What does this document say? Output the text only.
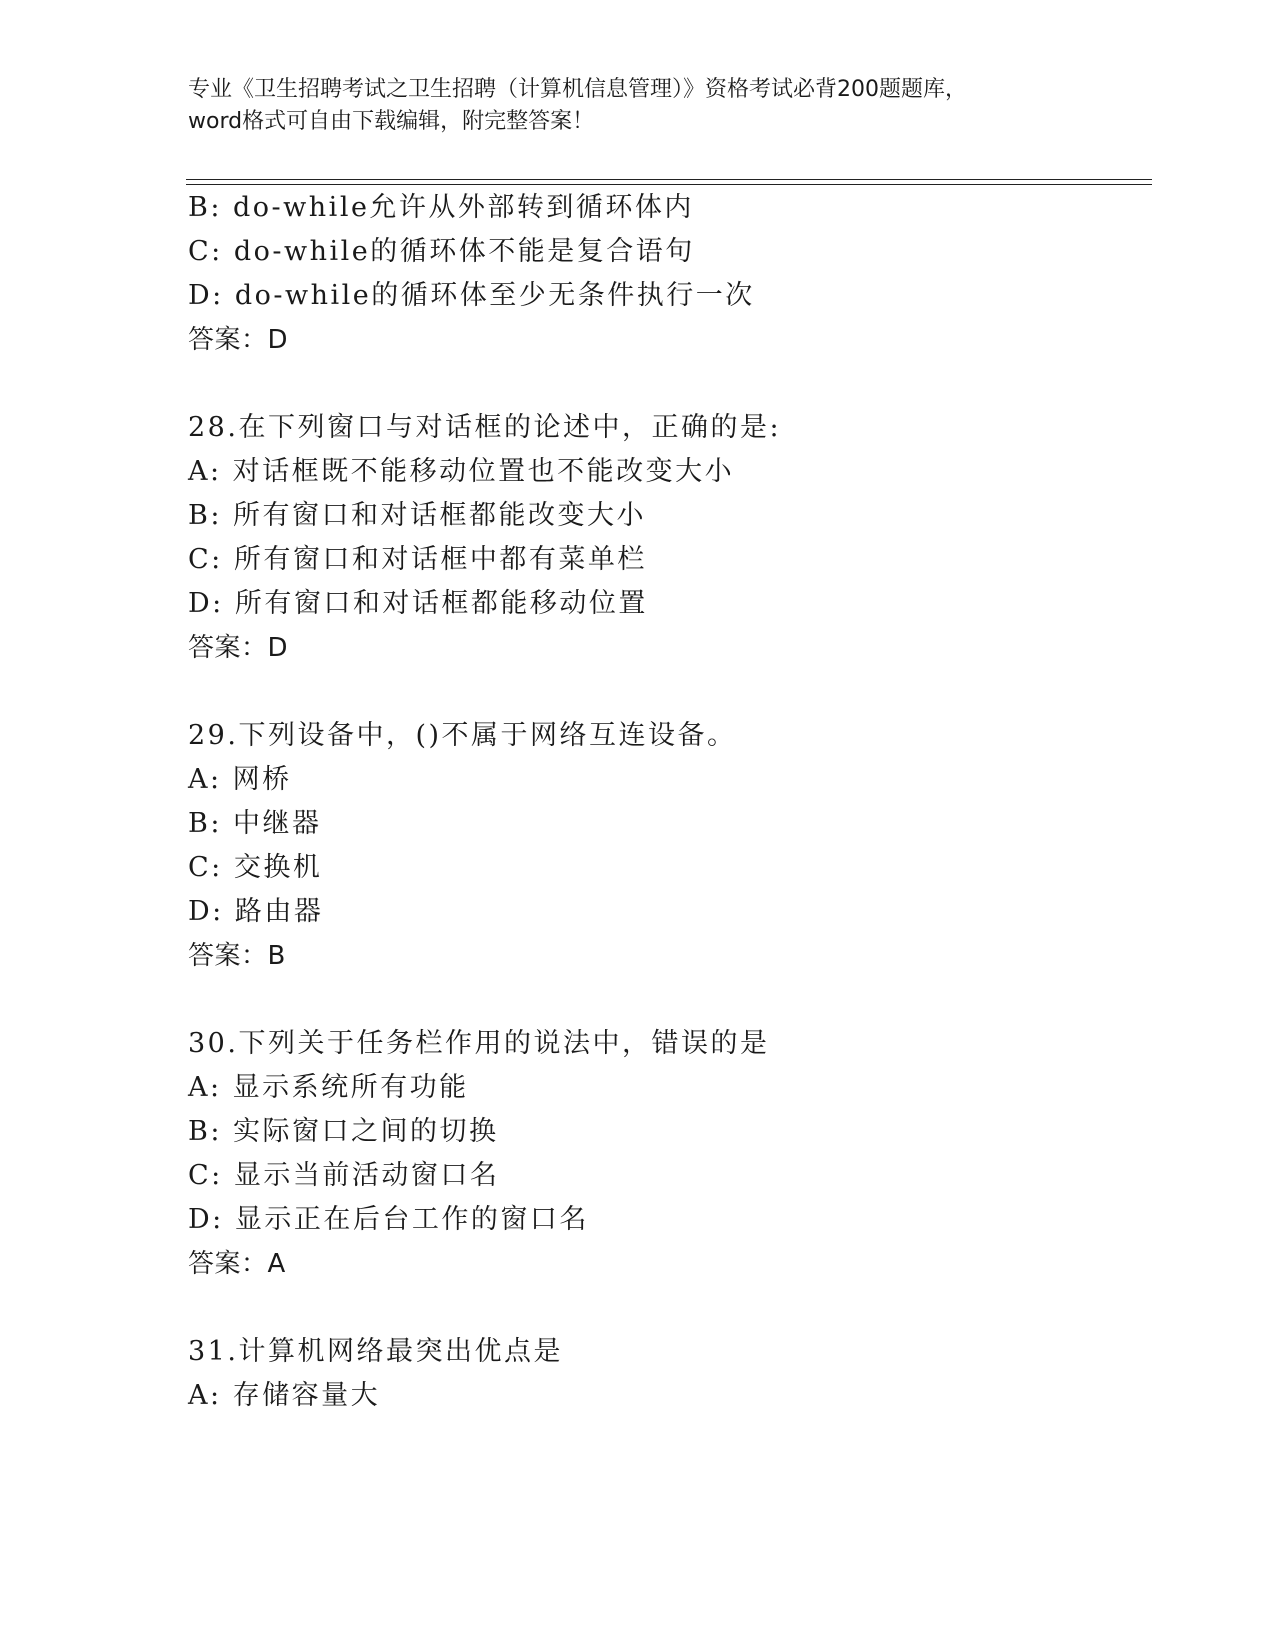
专业《卫生招聘考试之卫生招聘（计算机信息管理）》资格考试必背200题题库，
word格式可自由下载编辑，附完整答案！
B: do-while允许从外部转到循环体内
C: do-while的循环体不能是复合语句
D: do-while的循环体至少无条件执行一次
答案：D
28.在下列窗口与对话框的论述中，正确的是:
A: 对话框既不能移动位置也不能改变大小
B: 所有窗口和对话框都能改变大小
C: 所有窗口和对话框中都有菜单栏
D: 所有窗口和对话框都能移动位置
答案：D
29.下列设备中，()不属于网络互连设备。
A: 网桥
B: 中继器
C: 交换机
D: 路由器
答案：B
30.下列关于任务栏作用的说法中，错误的是
A: 显示系统所有功能
B: 实际窗口之间的切换
C: 显示当前活动窗口名
D: 显示正在后台工作的窗口名
答案：A
31.计算机网络最突出优点是
A: 存储容量大
